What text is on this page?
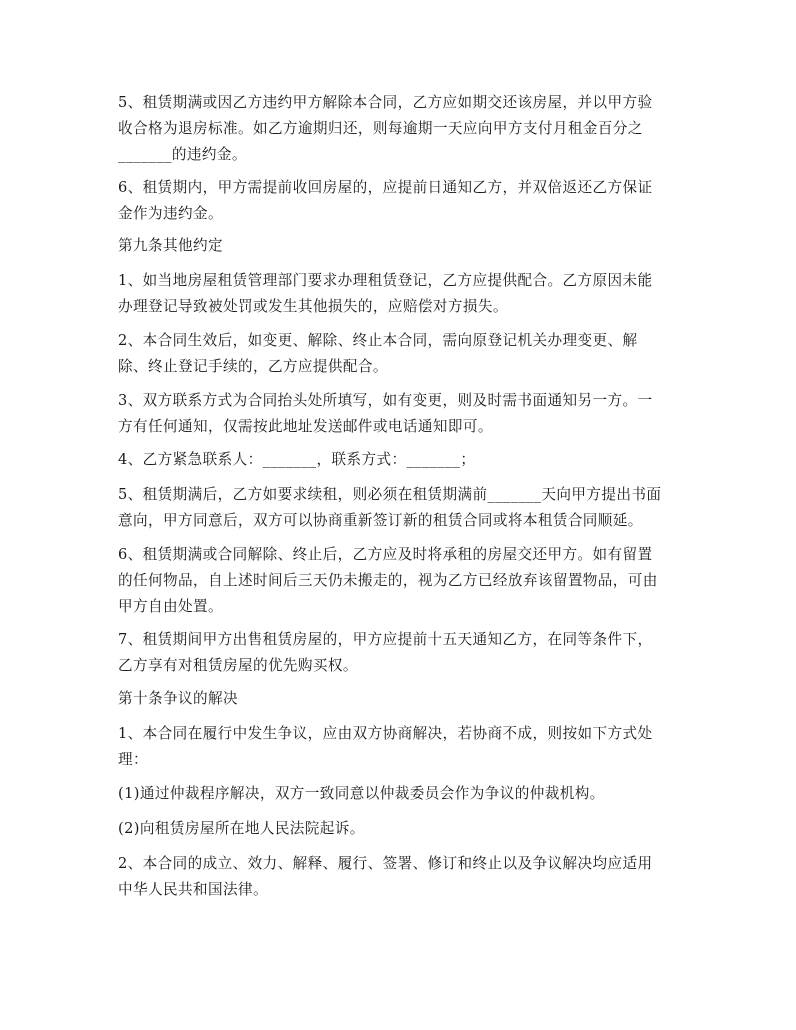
5、租赁期满或因乙方违约甲方解除本合同，乙方应如期交还该房屋，并以甲方验
收合格为退房标准。如乙方逾期归还，则每逾期一天应向甲方支付月租金百分之
_______的违约金。

6、租赁期内，甲方需提前收回房屋的，应提前日通知乙方，并双倍返还乙方保证
金作为违约金。

第九条其他约定

1、如当地房屋租赁管理部门要求办理租赁登记，乙方应提供配合。乙方原因未能
办理登记导致被处罚或发生其他损失的，应赔偿对方损失。

2、本合同生效后，如变更、解除、终止本合同，需向原登记机关办理变更、解
除、终止登记手续的，乙方应提供配合。

3、双方联系方式为合同抬头处所填写，如有变更，则及时需书面通知另一方。一
方有任何通知，仅需按此地址发送邮件或电话通知即可。

4、乙方紧急联系人：_______，联系方式：_______；

5、租赁期满后，乙方如要求续租，则必须在租赁期满前_______天向甲方提出书面
意向，甲方同意后，双方可以协商重新签订新的租赁合同或将本租赁合同顺延。

6、租赁期满或合同解除、终止后，乙方应及时将承租的房屋交还甲方。如有留置
的任何物品，自上述时间后三天仍未搬走的，视为乙方已经放弃该留置物品，可由
甲方自由处置。

7、租赁期间甲方出售租赁房屋的，甲方应提前十五天通知乙方，在同等条件下，
乙方享有对租赁房屋的优先购买权。

第十条争议的解决

1、本合同在履行中发生争议，应由双方协商解决，若协商不成，则按如下方式处
理：

(1)通过仲裁程序解决，双方一致同意以仲裁委员会作为争议的仲裁机构。

(2)向租赁房屋所在地人民法院起诉。

2、本合同的成立、效力、解释、履行、签署、修订和终止以及争议解决均应适用
中华人民共和国法律。
